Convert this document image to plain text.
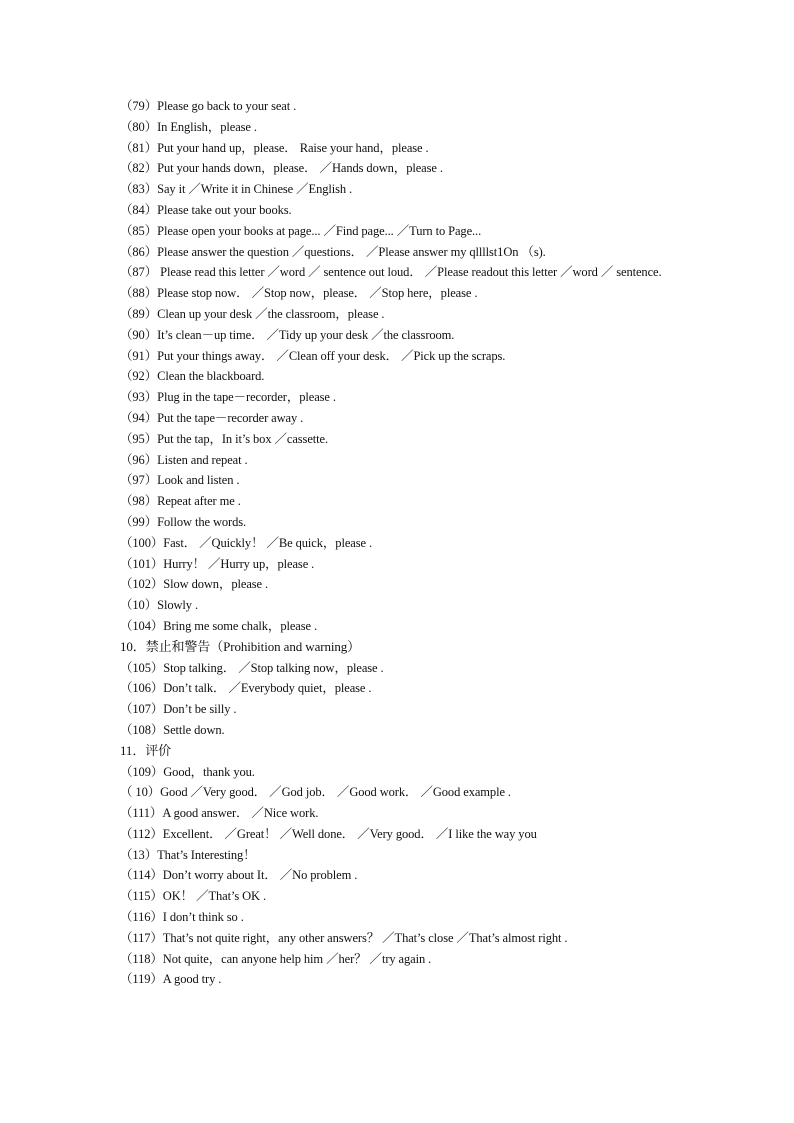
（79）Please go back to your seat .
（80）In English，please .
（81）Put your hand up，please． Raise your hand，please .
（82）Put your hands down，please． ／Hands down，please .
（83）Say it ／Write it in Chinese ／English .
（84）Please take out your books.
（85）Please open your books at page... ／Find page... ／Turn to Page...
（86）Please answer the question ／questions． ／Please answer my qllllst1On （s).
（87） Please read this letter ／word ／ sentence out loud． ／Please readout this letter ／word ／ sentence.
（88）Please stop now． ／Stop now，please． ／Stop here，please .
（89）Clean up your desk ／the classroom，please .
（90）It’s clean－up time． ／Tidy up your desk ／the classroom.
（91）Put your things away． ／Clean off your desk． ／Pick up the scraps.
（92）Clean the blackboard.
（93）Plug in the tape－recorder，please .
（94）Put the tape－recorder away .
（95）Put the tap，In it’s box ／cassette.
（96）Listen and repeat .
（97）Look and listen .
（98）Repeat after me .
（99）Follow the words.
（100）Fast． ／Quickly！ ／Be quick，please .
（101）Hurry！ ／Hurry up，please .
（102）Slow down，please .
（10）Slowly .
（104）Bring me some chalk，please .
10．禁止和警告（Prohibition and warning）
（105）Stop talking． ／Stop talking now，please .
（106）Don’t talk． ／Everybody quiet，please .
（107）Don’t be silly .
（108）Settle down.
11．评价
（109）Good，thank you.
（ 10）Good ／Very good． ／God job． ／Good work． ／Good example .
（111）A good answer． ／Nice work.
（112）Excellent． ／Great！ ／Well done． ／Very good． ／I like the way you
（13）That’s Interesting！
（114）Don’t worry about It． ／No problem .
（115）OK！ ／That’s OK .
（116）I don’t think so .
（117）That’s not quite right，any other answers？ ／That’s close ／That’s almost right .
（118）Not quite，can anyone help him ／her？ ／try again .
（119）A good try .
